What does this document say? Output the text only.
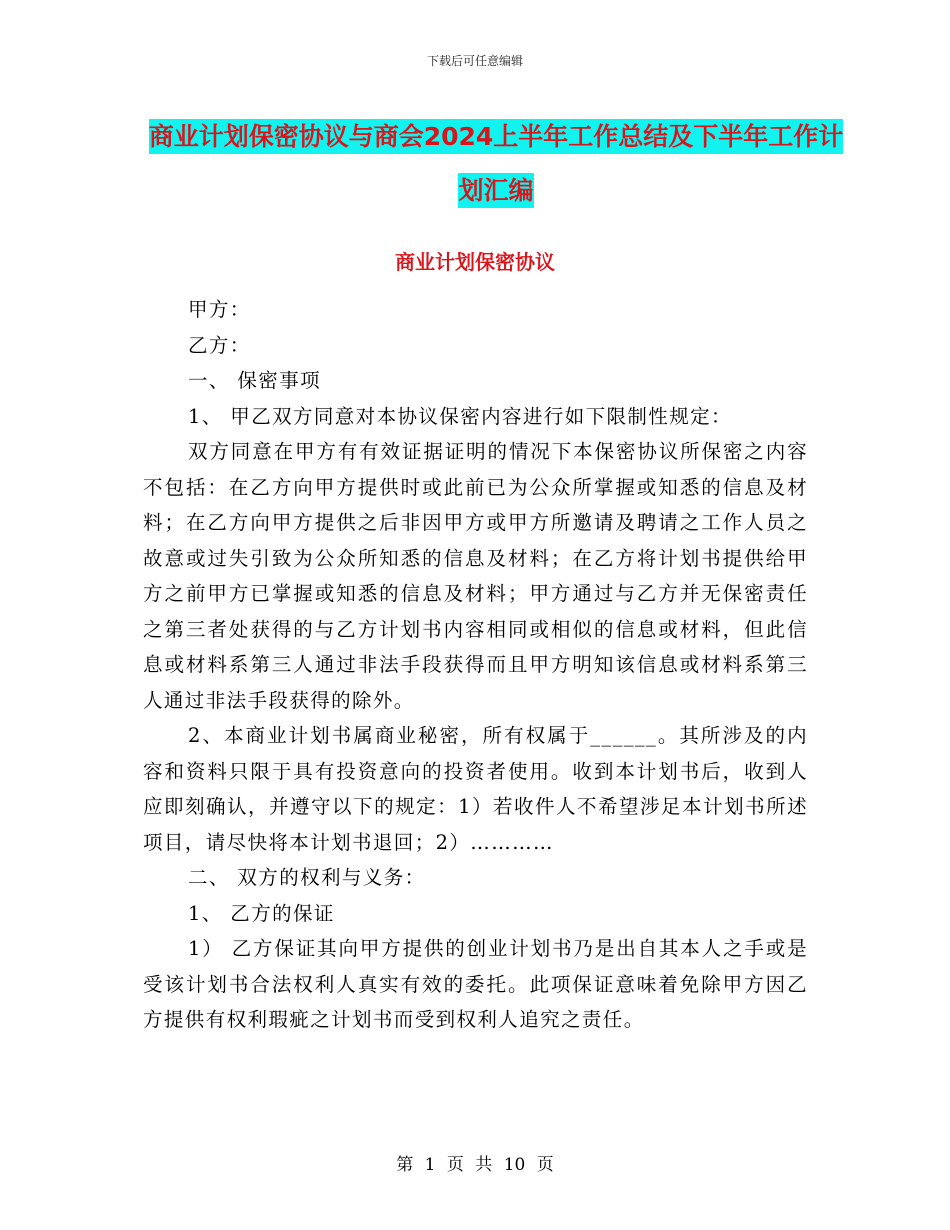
下载后可任意编辑
商业计划保密协议与商会2024上半年工作总结及下半年工作计划汇编
商业计划保密协议

甲方：

乙方：

一、 保密事项

1、 甲乙双方同意对本协议保密内容进行如下限制性规定：

双方同意在甲方有有效证据证明的情况下本保密协议所保密之内容不包括：在乙方向甲方提供时或此前已为公众所掌握或知悉的信息及材料；在乙方向甲方提供之后非因甲方或甲方所邀请及聘请之工作人员之故意或过失引致为公众所知悉的信息及材料；在乙方将计划书提供给甲方之前甲方已掌握或知悉的信息及材料；甲方通过与乙方并无保密责任之第三者处获得的与乙方计划书内容相同或相似的信息或材料，但此信息或材料系第三人通过非法手段获得而且甲方明知该信息或材料系第三人通过非法手段获得的除外。

2、本商业计划书属商业秘密，所有权属于______。其所涉及的内容和资料只限于具有投资意向的投资者使用。收到本计划书后，收到人应即刻确认，并遵守以下的规定：1）若收件人不希望涉足本计划书所述项目，请尽快将本计划书退回；2）…………

二、 双方的权利与义务：

1、 乙方的保证

1） 乙方保证其向甲方提供的创业计划书乃是出自其本人之手或是受该计划书合法权利人真实有效的委托。此项保证意味着免除甲方因乙方提供有权利瑕疵之计划书而受到权利人追究之责任。

第 1 页 共 10 页
